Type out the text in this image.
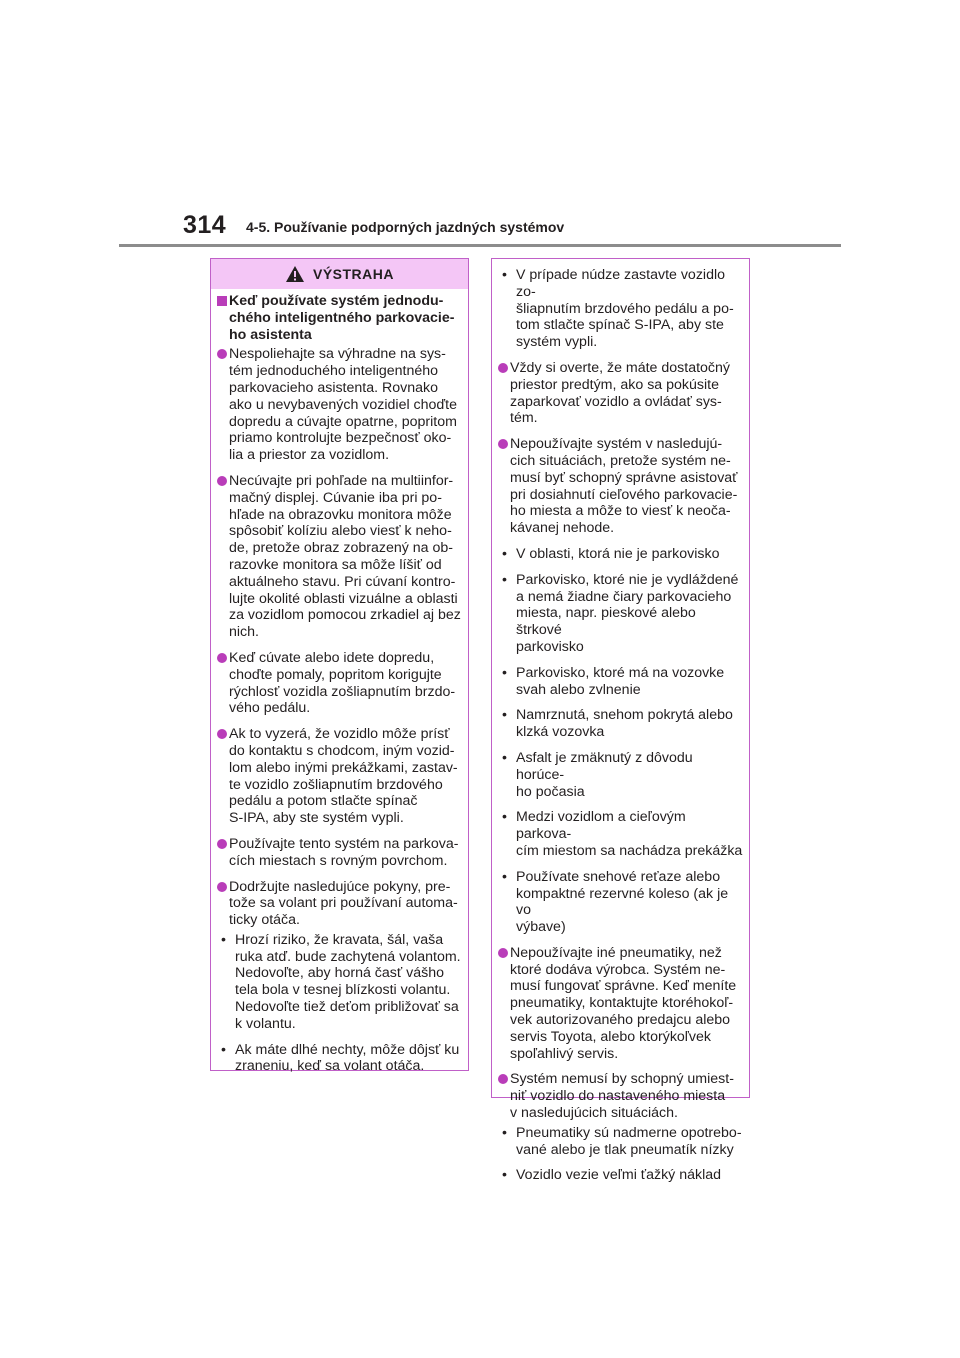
314 4-5. Používanie podporných jazdných systémov
VÝSTRAHA
Keď používate systém jednodu-
chého inteligentného parkovacie-
ho asistenta
Nespoliehajte sa výhradne na sys-
tém jednoduchého inteligentného
parkovacieho asistenta. Rovnako
ako u nevybavených vozidiel choďte
dopredu a cúvajte opatrne, popritom
priamo kontrolujte bezpečnosť oko-
lia a priestor za vozidlom.
Necúvajte pri pohľade na multiinfor-
mačný displej. Cúvanie iba pri po-
hľade na obrazovku monitora môže
spôsobiť kolíziu alebo viesť k neho-
de, pretože obraz zobrazený na ob-
razovke monitora sa môže líšiť od
aktuálneho stavu. Pri cúvaní kontro-
lujte okolité oblasti vizuálne a oblasti
za vozidlom pomocou zrkadiel aj bez
nich.
Keď cúvate alebo idete dopredu,
choďte pomaly, popritom korigujte
rýchlosť vozidla zošliapnutím brzdo-
vého pedálu.
Ak to vyzerá, že vozidlo môže prísť
do kontaktu s chodcom, iným vozid-
lom alebo inými prekážkami, zastav-
te vozidlo zošliapnutím brzdového
pedálu a potom stlačte spínač
S-IPA, aby ste systém vypli.
Používajte tento systém na parkova-
cích miestach s rovným povrchom.
Dodržujte nasledujúce pokyny, pre-
tože sa volant pri používaní automa-
ticky otáča.
• Hrozí riziko, že kravata, šál, vaša
ruka atď. bude zachytená volantom.
Nedovoľte, aby horná časť vášho
tela bola v tesnej blízkosti volantu.
Nedovoľte tiež deťom približovať sa
k volantu.
• Ak máte dlhé nechty, môže dôjsť ku
zraneniu, keď sa volant otáča.
• V prípade núdze zastavte vozidlo zo-
šliapnutím brzdového pedálu a po-
tom stlačte spínač S-IPA, aby ste
systém vypli.
Vždy si overte, že máte dostatočný
priestor predtým, ako sa pokúsite
zaparkovať vozidlo a ovládať sys-
tém.
Nepoužívajte systém v nasledujú-
cich situáciách, pretože systém ne-
musí byť schopný správne asistovať
pri dosiahnutí cieľového parkovacie-
ho miesta a môže to viesť k neoča-
kávanej nehode.
• V oblasti, ktorá nie je parkovisko
• Parkovisko, ktoré nie je vydláždené
a nemá žiadne čiary parkovacieho
miesta, napr. pieskové alebo štrkové
parkovisko
• Parkovisko, ktoré má na vozovke
svah alebo zvlnenie
• Namrznutá, snehom pokrytá alebo
klzká vozovka
• Asfalt je zmäknutý z dôvodu horúce-
ho počasia
• Medzi vozidlom a cieľovým parkova-
cím miestom sa nachádza prekážka
• Používate snehové reťaze alebo
kompaktné rezervné koleso (ak je vo
výbave)
Nepoužívajte iné pneumatiky, než
ktoré dodáva výrobca. Systém ne-
musí fungovať správne. Keď meníte
pneumatiky, kontaktujte ktoréhokoľ-
vek autorizovaného predajcu alebo
servis Toyota, alebo ktorýkoľvek
spoľahlivý servis.
Systém nemusí by schopný umiest-
niť vozidlo do nastaveného miesta
v nasledujúcich situáciách.
• Pneumatiky sú nadmerne opotrebo-
vané alebo je tlak pneumatík nízky
• Vozidlo vezie veľmi ťažký náklad
